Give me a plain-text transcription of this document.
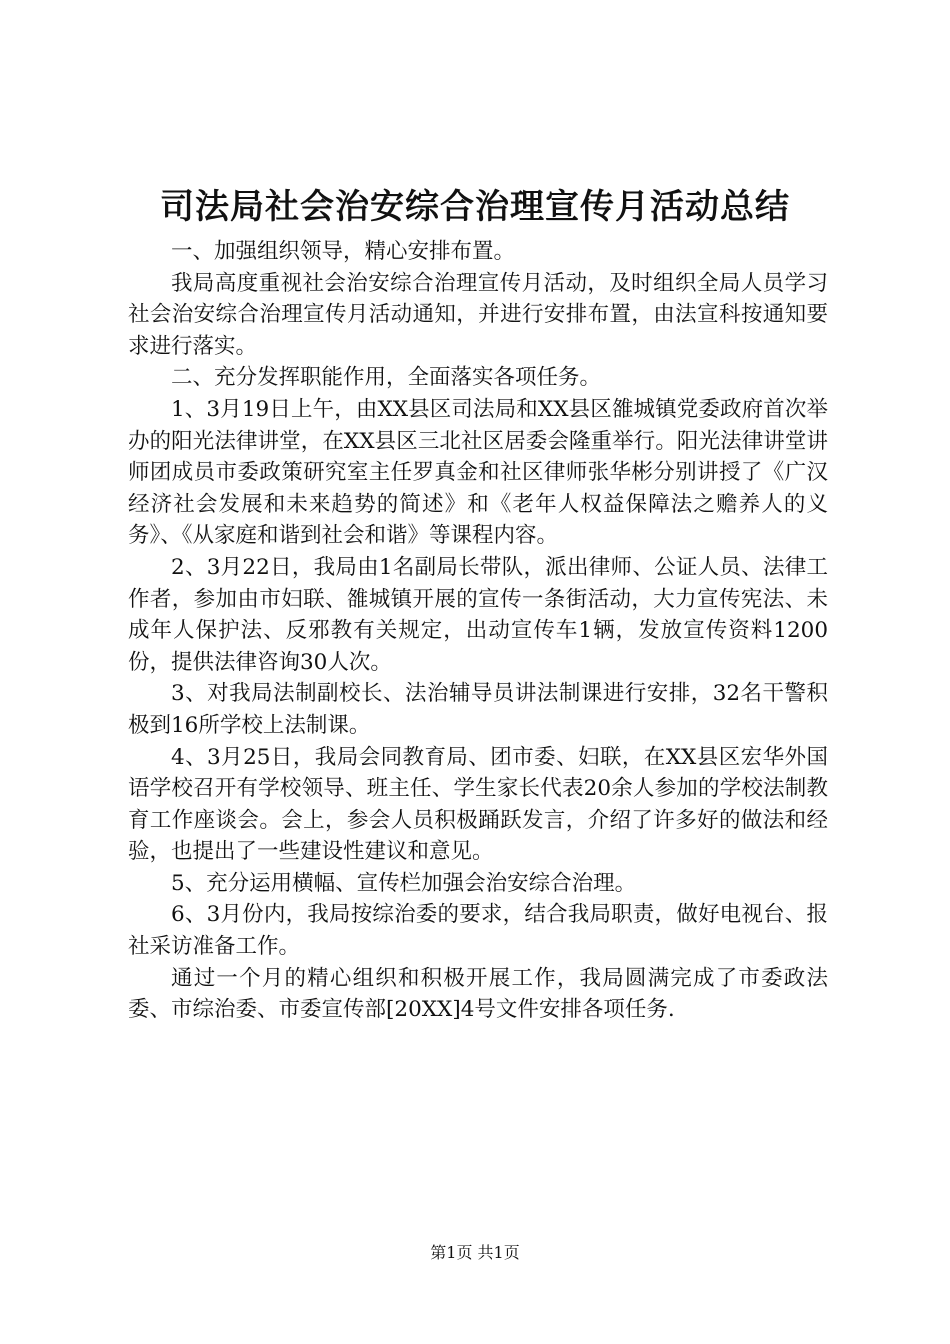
司法局社会治安综合治理宣传月活动总结

一、加强组织领导，精心安排布置。

我局高度重视社会治安综合治理宣传月活动，及时组织全局人员学习社会治安综合治理宣传月活动通知，并进行安排布置，由法宣科按通知要求进行落实。

二、充分发挥职能作用，全面落实各项任务。

1、3月19日上午，由XX县区司法局和XX县区雒城镇党委政府首次举办的阳光法律讲堂，在XX县区三北社区居委会隆重举行。阳光法律讲堂讲师团成员市委政策研究室主任罗真金和社区律师张华彬分别讲授了《广汉经济社会发展和未来趋势的简述》和《老年人权益保障法之赡养人的义务》、《从家庭和谐到社会和谐》等课程内容。

2、3月22日，我局由1名副局长带队，派出律师、公证人员、法律工作者，参加由市妇联、雒城镇开展的宣传一条街活动，大力宣传宪法、未成年人保护法、反邪教有关规定，出动宣传车1辆，发放宣传资料1200份，提供法律咨询30人次。

3、对我局法制副校长、法治辅导员讲法制课进行安排，32名干警积极到16所学校上法制课。

4、3月25日，我局会同教育局、团市委、妇联，在XX县区宏华外国语学校召开有学校领导、班主任、学生家长代表20余人参加的学校法制教育工作座谈会。会上，参会人员积极踊跃发言，介绍了许多好的做法和经验，也提出了一些建设性建议和意见。

5、充分运用横幅、宣传栏加强会治安综合治理。

6、3月份内，我局按综治委的要求，结合我局职责，做好电视台、报社采访准备工作。

通过一个月的精心组织和积极开展工作，我局圆满完成了市委政法委、市综治委、市委宣传部[20XX]4号文件安排各项任务.

第1页 共1页
